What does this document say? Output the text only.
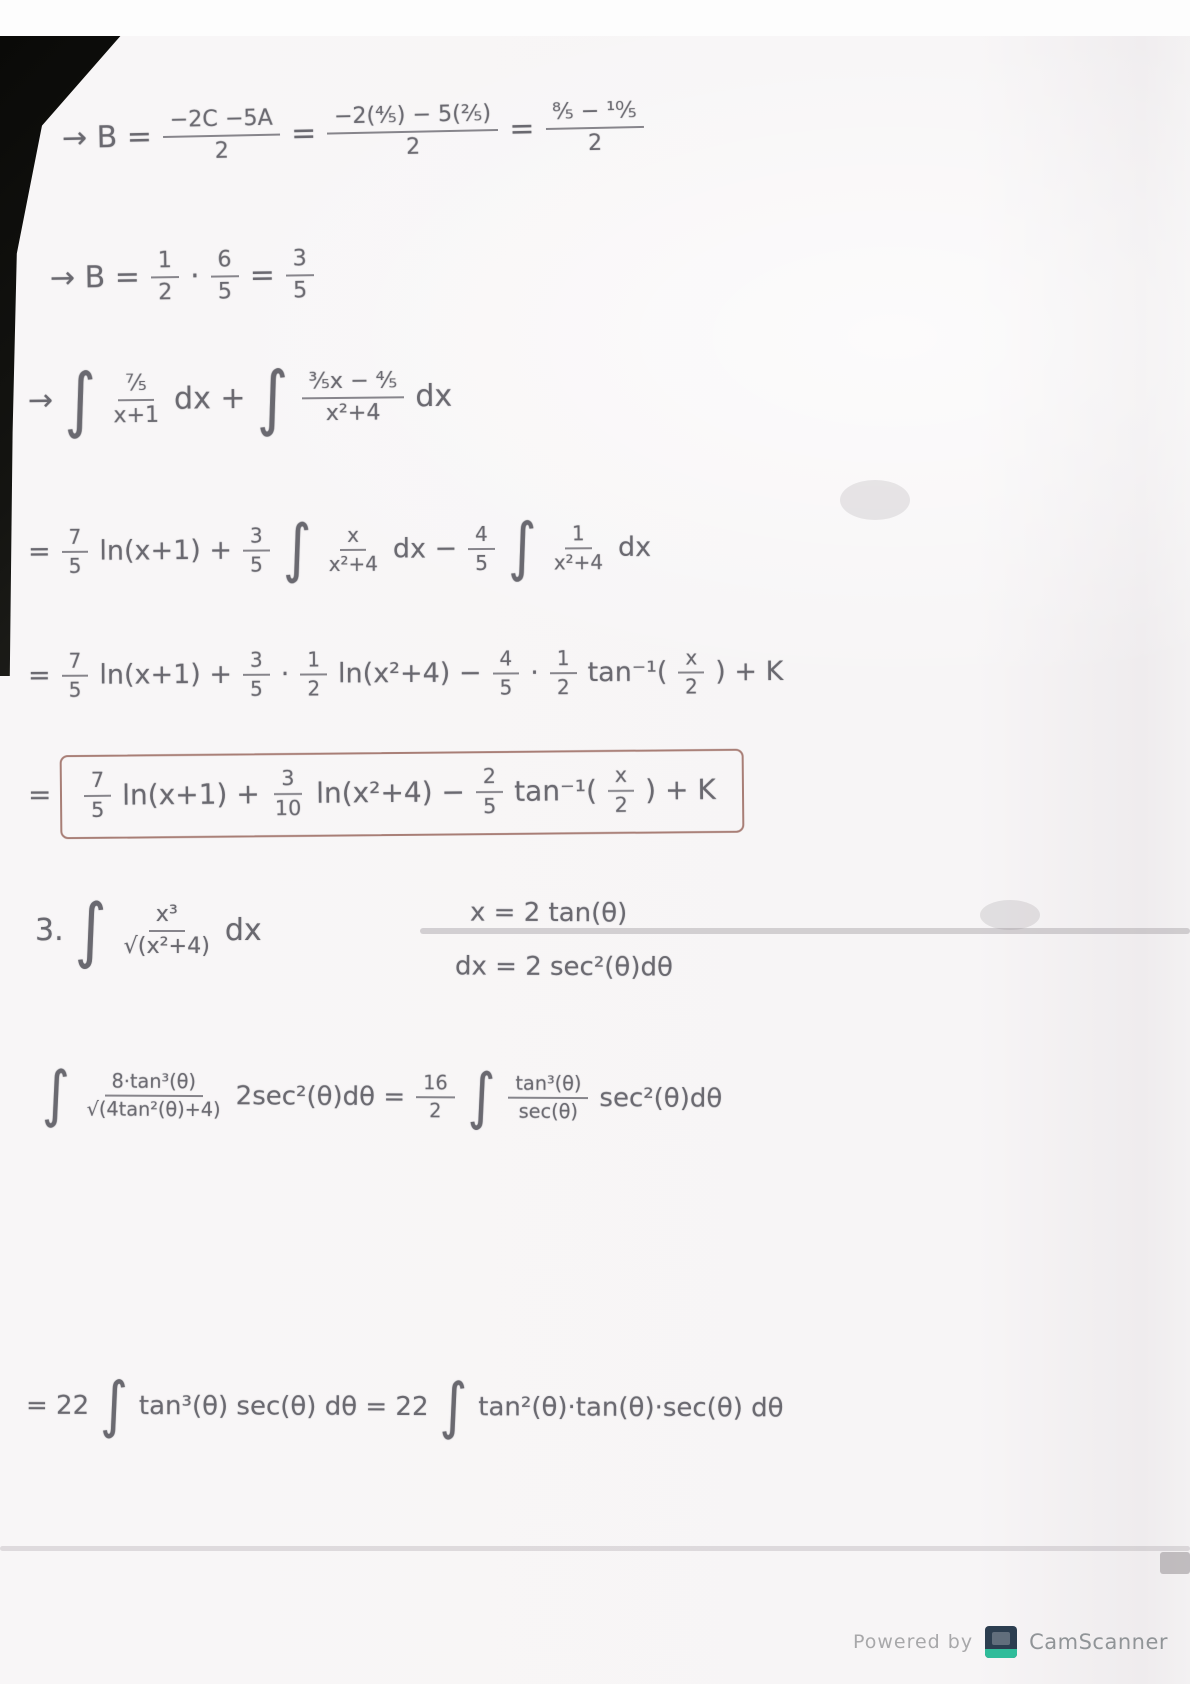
→ $B = \frac{-2C -5A}{2} = \frac{\text{−2(⁴⁄₅) − 5(²⁄₅)}}{2} = \frac{\text{⁸⁄₅ − ¹⁰⁄₅}}{2}$
→ $B = \frac{1}{2} \cdot \frac{6}{5} = \frac{3}{5}$
→ ∫ $\frac{\text{⁷⁄₅}}{x+1}$ dx + ∫ $\frac{\text{³⁄₅x − ⁴⁄₅}}{\text{x²+4}}$ dx
= $\frac{7}{5} \ln(x+1) + \frac{3}{5}$ ∫ $\frac{x}{\text{x²+4}}$ dx − $\frac{4}{5}$ ∫ $\frac{1}{\text{x²+4}}$ dx
= $\frac{7}{5} \ln(x+1) + \frac{3}{5} \cdot \frac{1}{2} \ln(x^2+4) - \frac{4}{5} \cdot \frac{1}{2} \tan^{-1}( \frac{x}{2}$ ) + K
= $\frac{7}{5} \ln(x+1) + \frac{3}{10} \ln(x^2+4) - \frac{2}{5} \tan^{-1}( \frac{x}{2}$ ) + K
3. ∫ $\frac{\text{x³}}{\text{√(x²+4)}}$ dx
x = 2 tan(θ)
dx = 2 sec²(θ)dθ
∫ $\frac{\text{8·tan³(θ)}}{\text{√(4tan²(θ)+4)}} 2\sec^2(\theta)d\theta = \frac{16}{2}$ ∫ $\frac{\text{tan³(θ)}}{\sec(\theta)} \sec^2(\theta)d\theta$
= 22 ∫ tan³(θ) sec(θ) dθ = 22 ∫ tan²(θ)·tan(θ)·sec(θ) dθ
Powered by	CamScanner
